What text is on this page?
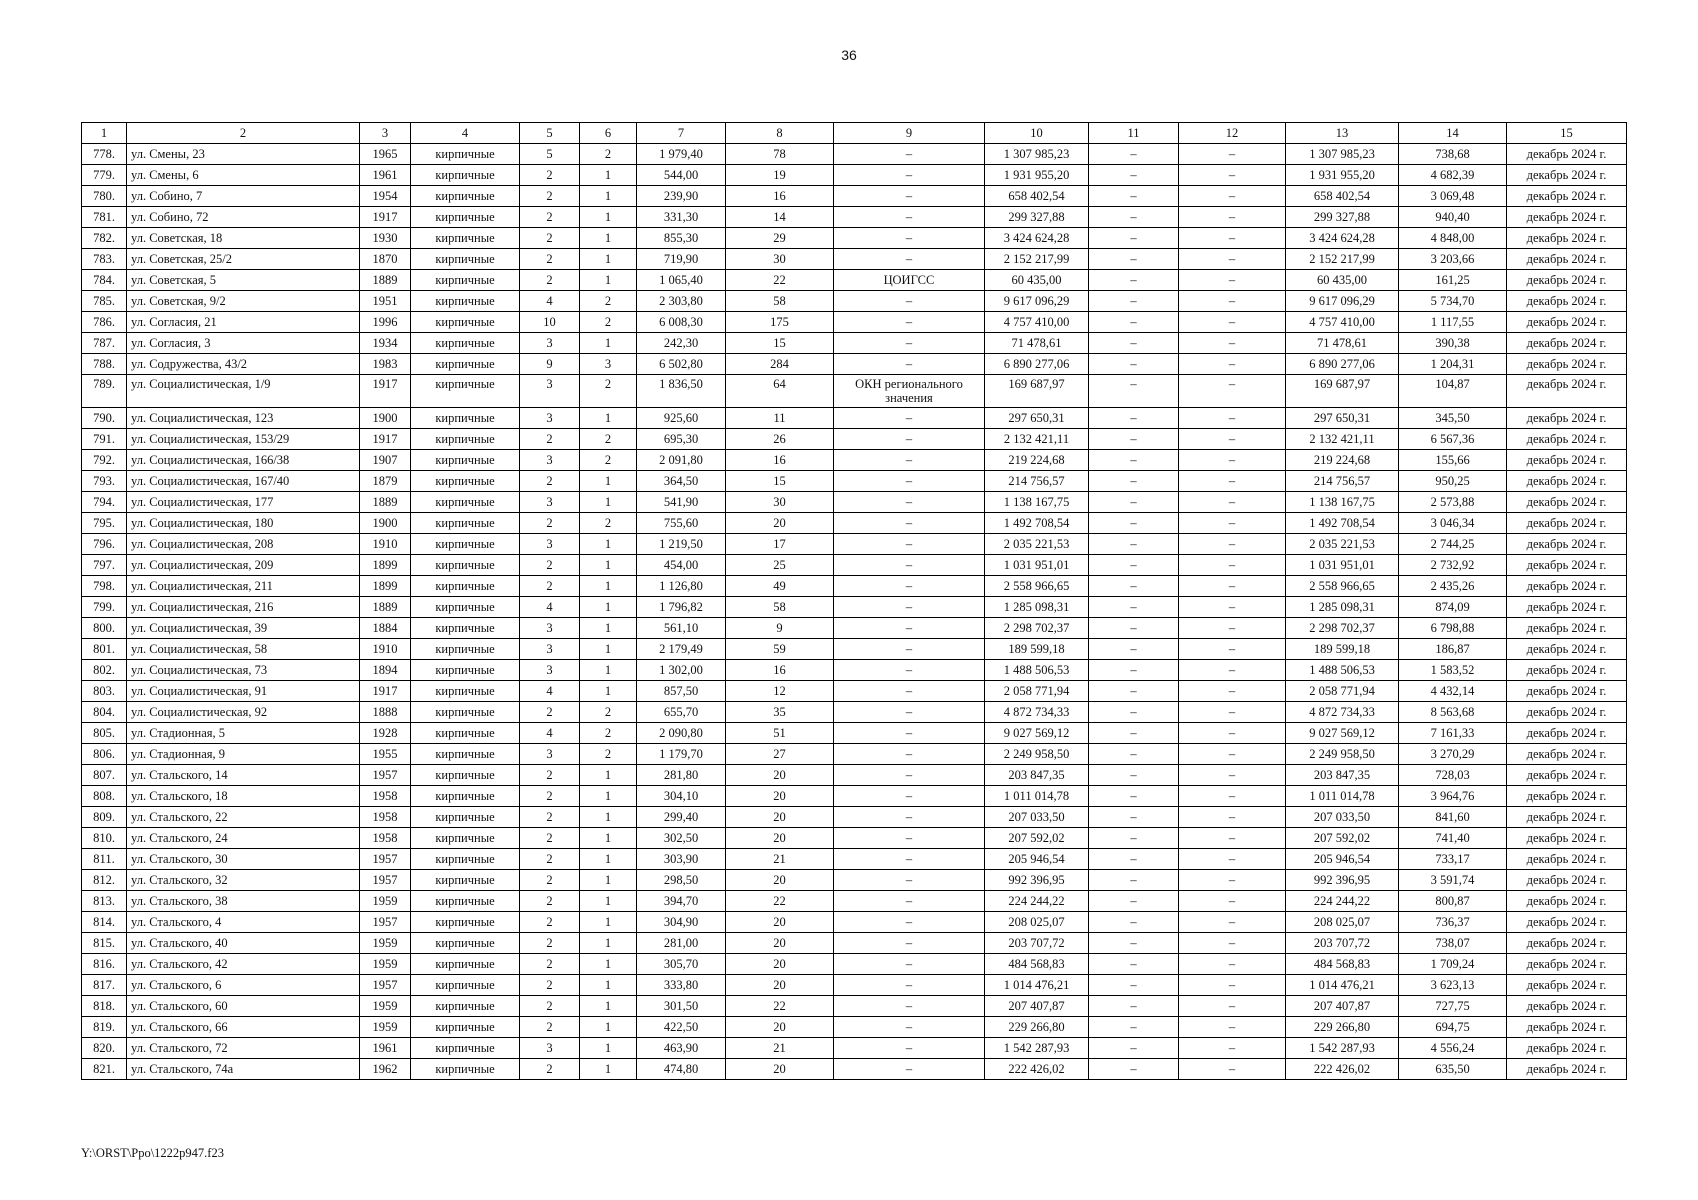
36
1	2	3	4	5	6	7	8	9	10	11	12	13	14	15
778.	ул. Смены, 23	1965	кирпичные	5	2	1 979,40	78	–	1 307 985,23	–	–	1 307 985,23	738,68	декабрь 2024 г.
779.	ул. Смены, 6	1961	кирпичные	2	1	544,00	19	–	1 931 955,20	–	–	1 931 955,20	4 682,39	декабрь 2024 г.
780.	ул. Собино, 7	1954	кирпичные	2	1	239,90	16	–	658 402,54	–	–	658 402,54	3 069,48	декабрь 2024 г.
781.	ул. Собино, 72	1917	кирпичные	2	1	331,30	14	–	299 327,88	–	–	299 327,88	940,40	декабрь 2024 г.
782.	ул. Советская, 18	1930	кирпичные	2	1	855,30	29	–	3 424 624,28	–	–	3 424 624,28	4 848,00	декабрь 2024 г.
783.	ул. Советская, 25/2	1870	кирпичные	2	1	719,90	30	–	2 152 217,99	–	–	2 152 217,99	3 203,66	декабрь 2024 г.
784.	ул. Советская, 5	1889	кирпичные	2	1	1 065,40	22	ЦОИГСС	60 435,00	–	–	60 435,00	161,25	декабрь 2024 г.
785.	ул. Советская, 9/2	1951	кирпичные	4	2	2 303,80	58	–	9 617 096,29	–	–	9 617 096,29	5 734,70	декабрь 2024 г.
786.	ул. Согласия, 21	1996	кирпичные	10	2	6 008,30	175	–	4 757 410,00	–	–	4 757 410,00	1 117,55	декабрь 2024 г.
787.	ул. Согласия, 3	1934	кирпичные	3	1	242,30	15	–	71 478,61	–	–	71 478,61	390,38	декабрь 2024 г.
788.	ул. Содружества, 43/2	1983	кирпичные	9	3	6 502,80	284	–	6 890 277,06	–	–	6 890 277,06	1 204,31	декабрь 2024 г.
789.	ул. Социалистическая, 1/9	1917	кирпичные	3	2	1 836,50	64	ОКН регионального значения	169 687,97	–	–	169 687,97	104,87	декабрь 2024 г.
790.	ул. Социалистическая, 123	1900	кирпичные	3	1	925,60	11	–	297 650,31	–	–	297 650,31	345,50	декабрь 2024 г.
791.	ул. Социалистическая, 153/29	1917	кирпичные	2	2	695,30	26	–	2 132 421,11	–	–	2 132 421,11	6 567,36	декабрь 2024 г.
792.	ул. Социалистическая, 166/38	1907	кирпичные	3	2	2 091,80	16	–	219 224,68	–	–	219 224,68	155,66	декабрь 2024 г.
793.	ул. Социалистическая, 167/40	1879	кирпичные	2	1	364,50	15	–	214 756,57	–	–	214 756,57	950,25	декабрь 2024 г.
794.	ул. Социалистическая, 177	1889	кирпичные	3	1	541,90	30	–	1 138 167,75	–	–	1 138 167,75	2 573,88	декабрь 2024 г.
795.	ул. Социалистическая, 180	1900	кирпичные	2	2	755,60	20	–	1 492 708,54	–	–	1 492 708,54	3 046,34	декабрь 2024 г.
796.	ул. Социалистическая, 208	1910	кирпичные	3	1	1 219,50	17	–	2 035 221,53	–	–	2 035 221,53	2 744,25	декабрь 2024 г.
797.	ул. Социалистическая, 209	1899	кирпичные	2	1	454,00	25	–	1 031 951,01	–	–	1 031 951,01	2 732,92	декабрь 2024 г.
798.	ул. Социалистическая, 211	1899	кирпичные	2	1	1 126,80	49	–	2 558 966,65	–	–	2 558 966,65	2 435,26	декабрь 2024 г.
799.	ул. Социалистическая, 216	1889	кирпичные	4	1	1 796,82	58	–	1 285 098,31	–	–	1 285 098,31	874,09	декабрь 2024 г.
800.	ул. Социалистическая, 39	1884	кирпичные	3	1	561,10	9	–	2 298 702,37	–	–	2 298 702,37	6 798,88	декабрь 2024 г.
801.	ул. Социалистическая, 58	1910	кирпичные	3	1	2 179,49	59	–	189 599,18	–	–	189 599,18	186,87	декабрь 2024 г.
802.	ул. Социалистическая, 73	1894	кирпичные	3	1	1 302,00	16	–	1 488 506,53	–	–	1 488 506,53	1 583,52	декабрь 2024 г.
803.	ул. Социалистическая, 91	1917	кирпичные	4	1	857,50	12	–	2 058 771,94	–	–	2 058 771,94	4 432,14	декабрь 2024 г.
804.	ул. Социалистическая, 92	1888	кирпичные	2	2	655,70	35	–	4 872 734,33	–	–	4 872 734,33	8 563,68	декабрь 2024 г.
805.	ул. Стадионная, 5	1928	кирпичные	4	2	2 090,80	51	–	9 027 569,12	–	–	9 027 569,12	7 161,33	декабрь 2024 г.
806.	ул. Стадионная, 9	1955	кирпичные	3	2	1 179,70	27	–	2 249 958,50	–	–	2 249 958,50	3 270,29	декабрь 2024 г.
807.	ул. Стальского, 14	1957	кирпичные	2	1	281,80	20	–	203 847,35	–	–	203 847,35	728,03	декабрь 2024 г.
808.	ул. Стальского, 18	1958	кирпичные	2	1	304,10	20	–	1 011 014,78	–	–	1 011 014,78	3 964,76	декабрь 2024 г.
809.	ул. Стальского, 22	1958	кирпичные	2	1	299,40	20	–	207 033,50	–	–	207 033,50	841,60	декабрь 2024 г.
810.	ул. Стальского, 24	1958	кирпичные	2	1	302,50	20	–	207 592,02	–	–	207 592,02	741,40	декабрь 2024 г.
811.	ул. Стальского, 30	1957	кирпичные	2	1	303,90	21	–	205 946,54	–	–	205 946,54	733,17	декабрь 2024 г.
812.	ул. Стальского, 32	1957	кирпичные	2	1	298,50	20	–	992 396,95	–	–	992 396,95	3 591,74	декабрь 2024 г.
813.	ул. Стальского, 38	1959	кирпичные	2	1	394,70	22	–	224 244,22	–	–	224 244,22	800,87	декабрь 2024 г.
814.	ул. Стальского, 4	1957	кирпичные	2	1	304,90	20	–	208 025,07	–	–	208 025,07	736,37	декабрь 2024 г.
815.	ул. Стальского, 40	1959	кирпичные	2	1	281,00	20	–	203 707,72	–	–	203 707,72	738,07	декабрь 2024 г.
816.	ул. Стальского, 42	1959	кирпичные	2	1	305,70	20	–	484 568,83	–	–	484 568,83	1 709,24	декабрь 2024 г.
817.	ул. Стальского, 6	1957	кирпичные	2	1	333,80	20	–	1 014 476,21	–	–	1 014 476,21	3 623,13	декабрь 2024 г.
818.	ул. Стальского, 60	1959	кирпичные	2	1	301,50	22	–	207 407,87	–	–	207 407,87	727,75	декабрь 2024 г.
819.	ул. Стальского, 66	1959	кирпичные	2	1	422,50	20	–	229 266,80	–	–	229 266,80	694,75	декабрь 2024 г.
820.	ул. Стальского, 72	1961	кирпичные	3	1	463,90	21	–	1 542 287,93	–	–	1 542 287,93	4 556,24	декабрь 2024 г.
821.	ул. Стальского, 74а	1962	кирпичные	2	1	474,80	20	–	222 426,02	–	–	222 426,02	635,50	декабрь 2024 г.
Y:\ORST\Ppo\1222p947.f23
